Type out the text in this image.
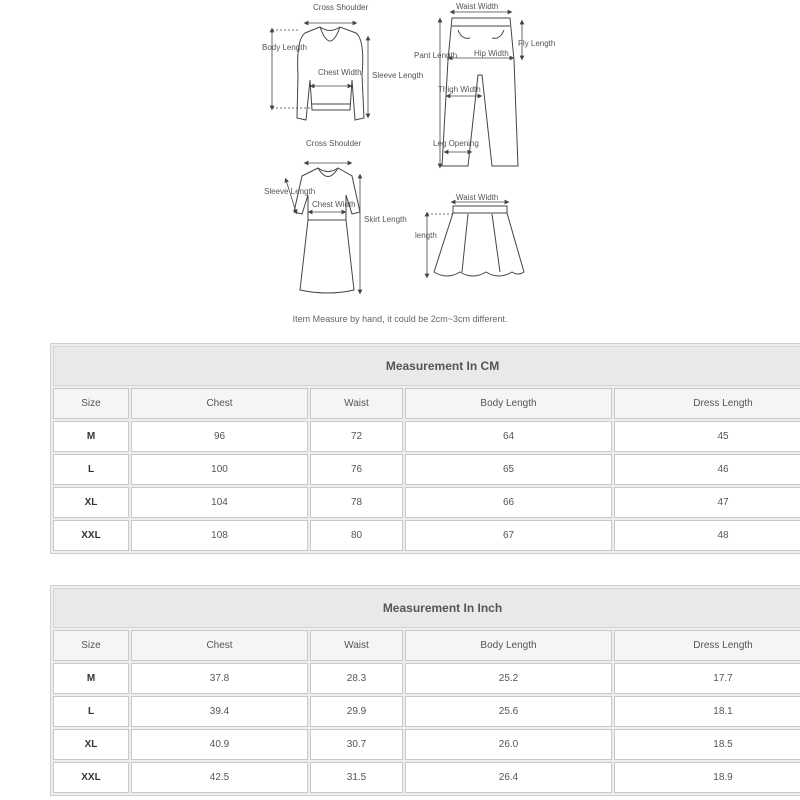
Cross Shoulder
Body Length
Chest Width Sleeve Length
Waist Width
Pant Length
Fly Length
Hip Width
Thigh Width
Leg Opening
Cross Shoulder
Sleeve Length
Chest Width
Skirt Length
Waist Width
length
Item Measure by hand, it could be 2cm~3cm different.
Measurement In CM				
Size	Chest	Waist	Body Length	Dress Length
M	96	72	64	45
L	100	76	65	46
XL	104	78	66	47
XXL	108	80	67	48
Measurement In Inch				
Size	Chest	Waist	Body Length	Dress Length
M	37.8	28.3	25.2	17.7
L	39.4	29.9	25.6	18.1
XL	40.9	30.7	26.0	18.5
XXL	42.5	31.5	26.4	18.9
